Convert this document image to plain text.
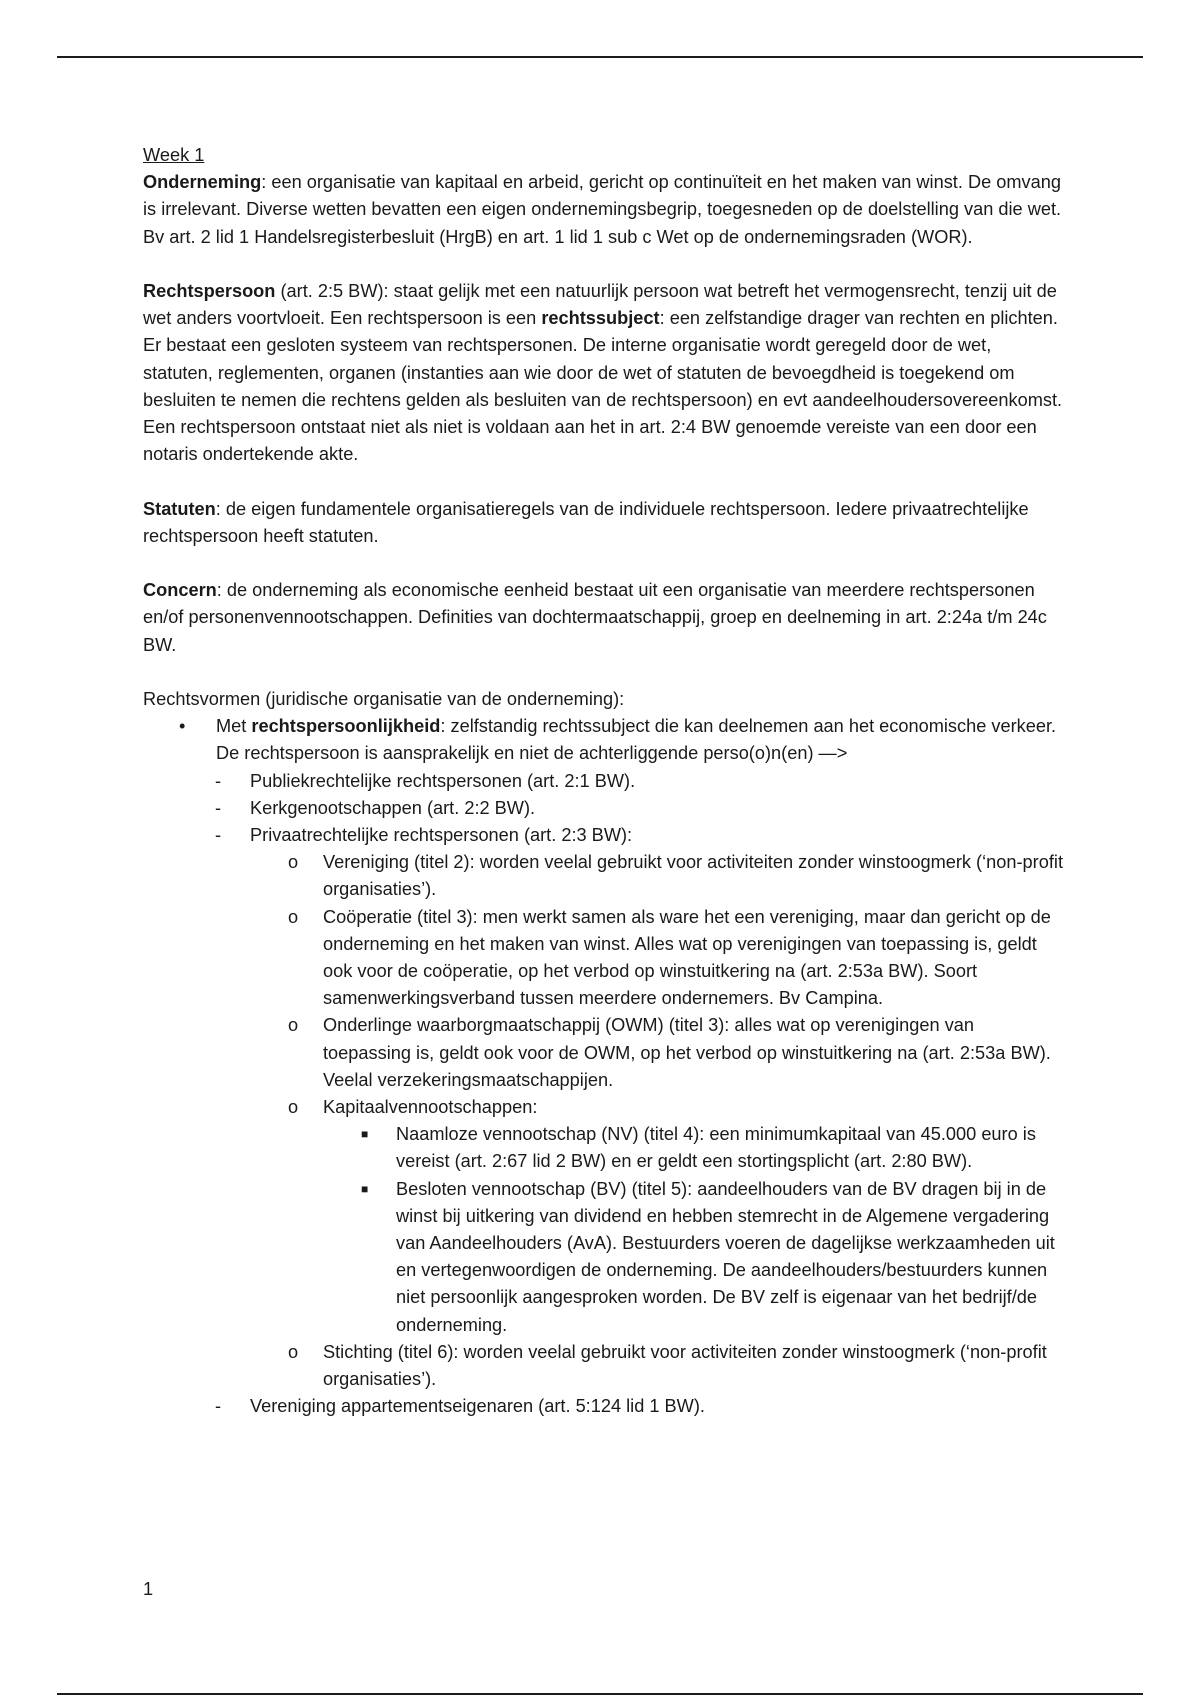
Week 1

Onderneming: een organisatie van kapitaal en arbeid, gericht op continuïteit en het maken van winst. De omvang is irrelevant. Diverse wetten bevatten een eigen ondernemingsbegrip, toegesneden op de doelstelling van die wet. Bv art. 2 lid 1 Handelsregisterbesluit (HrgB) en art. 1 lid 1 sub c Wet op de ondernemingsraden (WOR).

Rechtspersoon (art. 2:5 BW): staat gelijk met een natuurlijk persoon wat betreft het vermogensrecht, tenzij uit de wet anders voortvloeit. Een rechtspersoon is een rechtssubject: een zelfstandige drager van rechten en plichten. Er bestaat een gesloten systeem van rechtspersonen. De interne organisatie wordt geregeld door de wet, statuten, reglementen, organen (instanties aan wie door de wet of statuten de bevoegdheid is toegekend om besluiten te nemen die rechtens gelden als besluiten van de rechtspersoon) en evt aandeelhoudersovereenkomst. Een rechtspersoon ontstaat niet als niet is voldaan aan het in art. 2:4 BW genoemde vereiste van een door een notaris ondertekende akte.

Statuten: de eigen fundamentele organisatieregels van de individuele rechtspersoon. Iedere privaatrechtelijke rechtspersoon heeft statuten.

Concern: de onderneming als economische eenheid bestaat uit een organisatie van meerdere rechtspersonen en/of personenvennootschappen. Definities van dochtermaatschappij, groep en deelneming in art. 2:24a t/m 24c BW.

Rechtsvormen (juridische organisatie van de onderneming):

• Met rechtspersoonlijkheid: zelfstandig rechtssubject die kan deelnemen aan het economische verkeer. De rechtspersoon is aansprakelijk en niet de achterliggende perso(o)n(en) —>
- Publiekrechtelijke rechtspersonen (art. 2:1 BW).
- Kerkgenootschappen (art. 2:2 BW).
- Privaatrechtelijke rechtspersonen (art. 2:3 BW):
o Vereniging (titel 2): worden veelal gebruikt voor activiteiten zonder winstoogmerk (‘non-profit organisaties’).
o Coöperatie (titel 3): men werkt samen als ware het een vereniging, maar dan gericht op de onderneming en het maken van winst. Alles wat op verenigingen van toepassing is, geldt ook voor de coöperatie, op het verbod op winstuitkering na (art. 2:53a BW). Soort samenwerkingsverband tussen meerdere ondernemers. Bv Campina.
o Onderlinge waarborgmaatschappij (OWM) (titel 3): alles wat op verenigingen van toepassing is, geldt ook voor de OWM, op het verbod op winstuitkering na (art. 2:53a BW). Veelal verzekeringsmaatschappijen.
o Kapitaalvennootschappen:
■ Naamloze vennootschap (NV) (titel 4): een minimumkapitaal van 45.000 euro is vereist (art. 2:67 lid 2 BW) en er geldt een stortingsplicht (art. 2:80 BW).
■ Besloten vennootschap (BV) (titel 5): aandeelhouders van de BV dragen bij in de winst bij uitkering van dividend en hebben stemrecht in de Algemene vergadering van Aandeelhouders (AvA). Bestuurders voeren de dagelijkse werkzaamheden uit en vertegenwoordigen de onderneming. De aandeelhouders/bestuurders kunnen niet persoonlijk aangesproken worden. De BV zelf is eigenaar van het bedrijf/de onderneming.
o Stichting (titel 6): worden veelal gebruikt voor activiteiten zonder winstoogmerk (‘non-profit organisaties’).
- Vereniging appartementseigenaren (art. 5:124 lid 1 BW).
1
